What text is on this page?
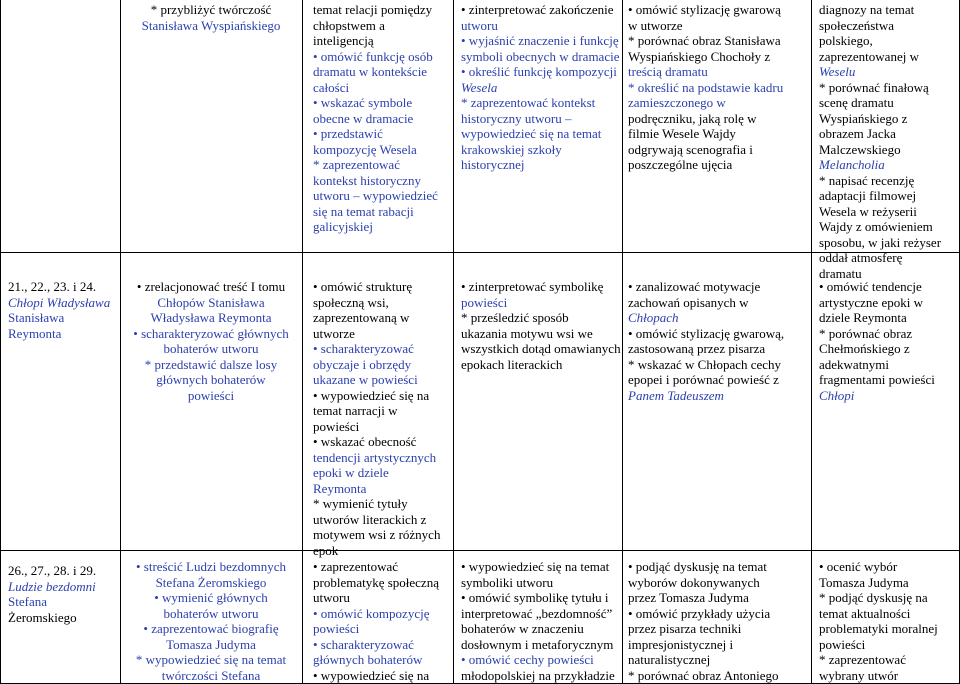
21., 22., 23. i 24.
Chłopi Władysława
Stanisława
Reymonta
26., 27., 28. i 29.
Ludzie bezdomni
Stefana
Żeromskiego
* przybliżyć twórczość
Stanisława Wyspiańskiego
• zrelacjonować treść I tomu
Chłopów Stanisława
Władysława Reymonta
• scharakteryzować głównych
bohaterów utworu
* przedstawić dalsze losy
głównych bohaterów
powieści
• streścić Ludzi bezdomnych
Stefana Żeromskiego
• wymienić głównych
bohaterów utworu
• zaprezentować biografię
Tomasza Judyma
* wypowiedzieć się na temat
twórczości Stefana
temat relacji pomiędzy
chłopstwem a
inteligencją
• omówić funkcję osób
dramatu w kontekście
całości
• wskazać symbole
obecne w dramacie
• przedstawić
kompozycję Wesela
* zaprezentować
kontekst historyczny
utworu – wypowiedzieć
się na temat rabacji
galicyjskiej
• omówić strukturę
społeczną wsi,
zaprezentowaną w
utworze
• scharakteryzować
obyczaje i obrzędy
ukazane w powieści
• wypowiedzieć się na
temat narracji w
powieści
• wskazać obecność
tendencji artystycznych
epoki w dziele
Reymonta
* wymienić tytuły
utworów literackich z
motywem wsi z różnych
epok
• zaprezentować
problematykę społeczną
utworu
• omówić kompozycję
powieści
• scharakteryzować
głównych bohaterów
• wypowiedzieć się na
• zinterpretować zakończenie
utworu
• wyjaśnić znaczenie i funkcję
symboli obecnych w dramacie
• określić funkcję kompozycji
Wesela
* zaprezentować kontekst
historyczny utworu –
wypowiedzieć się na temat
krakowskiej szkoły
historycznej
• zinterpretować symbolikę
powieści
* prześledzić sposób
ukazania motywu wsi we
wszystkich dotąd omawianych
epokach literackich
• wypowiedzieć się na temat
symboliki utworu
• omówić symbolikę tytułu i
interpretować „bezdomność”
bohaterów w znaczeniu
dosłownym i metaforycznym
• omówić cechy powieści
młodopolskiej na przykładzie
• omówić stylizację gwarową
w utworze
* porównać obraz Stanisława
Wyspiańskiego Chochoły z
treścią dramatu
* określić na podstawie kadru
zamieszczonego w
podręczniku, jaką rolę w
filmie Wesele Wajdy
odgrywają scenografia i
poszczególne ujęcia
• zanalizować motywacje
zachowań opisanych w
Chłopach
• omówić stylizację gwarową,
zastosowaną przez pisarza
* wskazać w Chłopach cechy
epopei i porównać powieść z
Panem Tadeuszem
• podjąć dyskusję na temat
wyborów dokonywanych
przez Tomasza Judyma
• omówić przykłady użycia
przez pisarza techniki
impresjonistycznej i
naturalistycznej
* porównać obraz Antoniego
diagnozy na temat
społeczeństwa
polskiego,
zaprezentowanej w
Weselu
* porównać finałową
scenę dramatu
Wyspiańskiego z
obrazem Jacka
Malczewskiego
Melancholia
* napisać recenzję
adaptacji filmowej
Wesela w reżyserii
Wajdy z omówieniem
sposobu, w jaki reżyser
oddał atmosferę
dramatu
• omówić tendencje
artystyczne epoki w
dziele Reymonta
* porównać obraz
Chełmońskiego z
adekwatnymi
fragmentami powieści
Chłopi
• ocenić wybór
Tomasza Judyma
* podjąć dyskusję na
temat aktualności
problematyki moralnej
powieści
* zaprezentować
wybrany utwór
